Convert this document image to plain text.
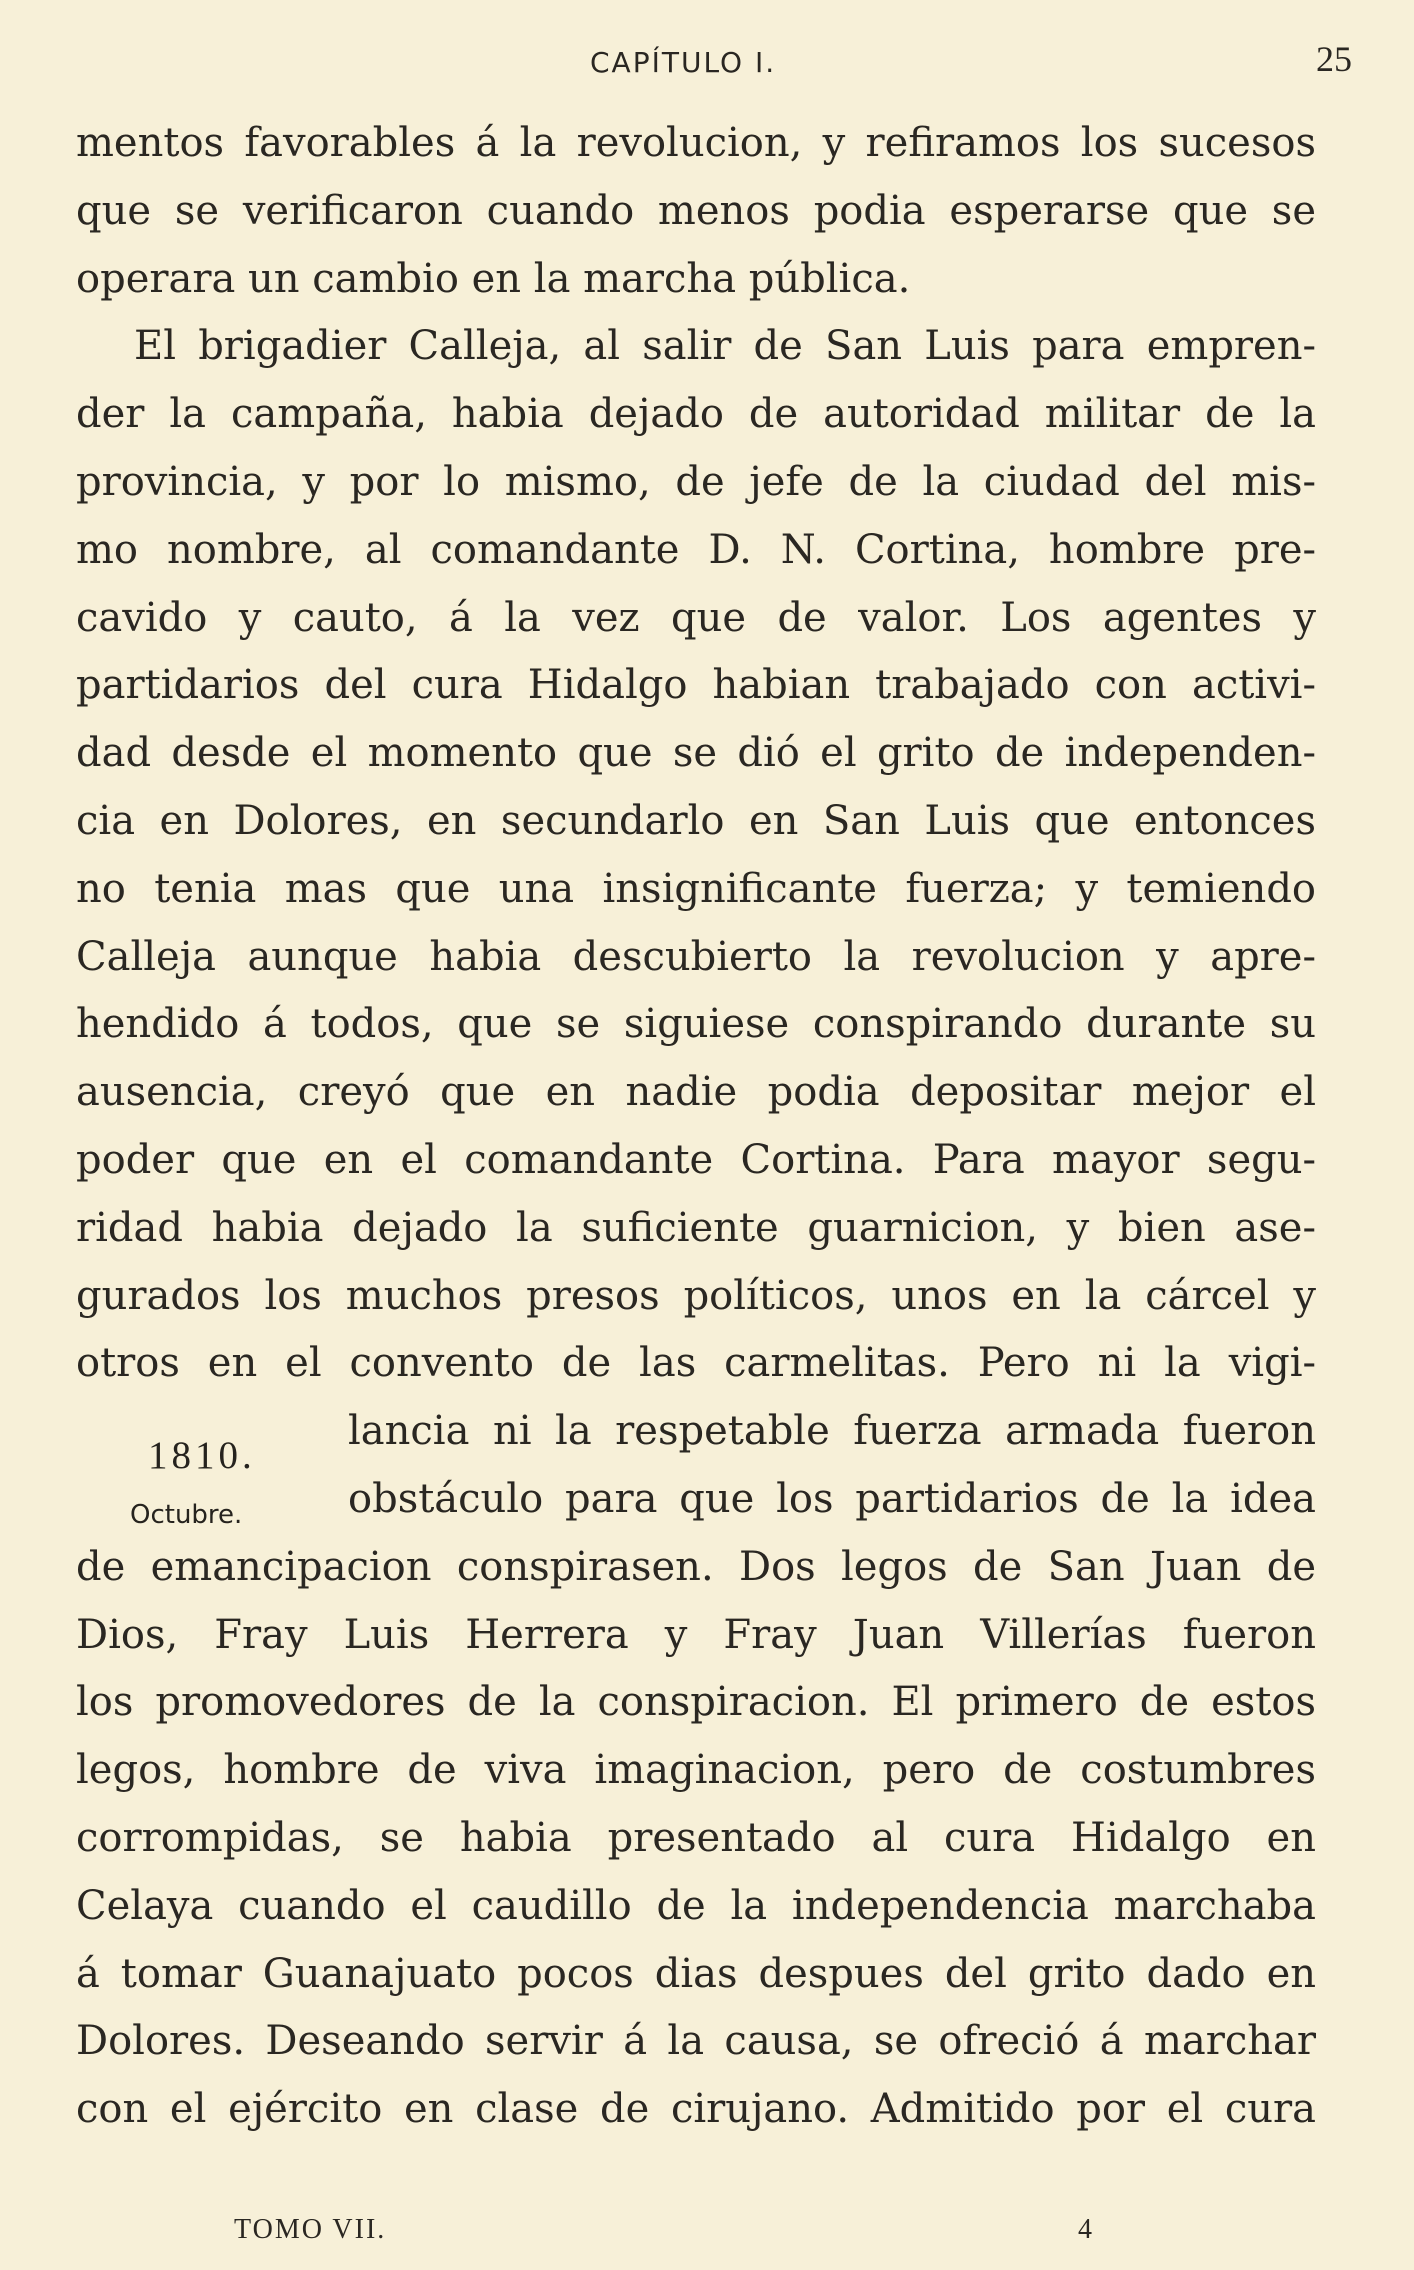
CAPÍTULO I.	25
mentos favorables á la revolucion, y refiramos los sucesos
que se verificaron cuando menos podia esperarse que se
operara un cambio en la marcha pública.
El brigadier Calleja, al salir de San Luis para empren-
der la campaña, habia dejado de autoridad militar de la
provincia, y por lo mismo, de jefe de la ciudad del mis-
mo nombre, al comandante D. N. Cortina, hombre pre-
cavido y cauto, á la vez que de valor. Los agentes y
partidarios del cura Hidalgo habian trabajado con activi-
dad desde el momento que se dió el grito de independen-
cia en Dolores, en secundarlo en San Luis que entonces
no tenia mas que una insignificante fuerza; y temiendo
Calleja aunque habia descubierto la revolucion y apre-
hendido á todos, que se siguiese conspirando durante su
ausencia, creyó que en nadie podia depositar mejor el
poder que en el comandante Cortina. Para mayor segu-
ridad habia dejado la suficiente guarnicion, y bien ase-
gurados los muchos presos políticos, unos en la cárcel y
otros en el convento de las carmelitas. Pero ni la vigi-
lancia ni la respetable fuerza armada fueron
obstáculo para que los partidarios de la idea
de emancipacion conspirasen. Dos legos de San Juan de
Dios, Fray Luis Herrera y Fray Juan Villerías fueron
los promovedores de la conspiracion. El primero de estos
legos, hombre de viva imaginacion, pero de costumbres
corrompidas, se habia presentado al cura Hidalgo en
Celaya cuando el caudillo de la independencia marchaba
á tomar Guanajuato pocos dias despues del grito dado en
Dolores. Deseando servir á la causa, se ofreció á marchar
con el ejército en clase de cirujano. Admitido por el cura
1810.
Octubre.
TOMO VII.	4
